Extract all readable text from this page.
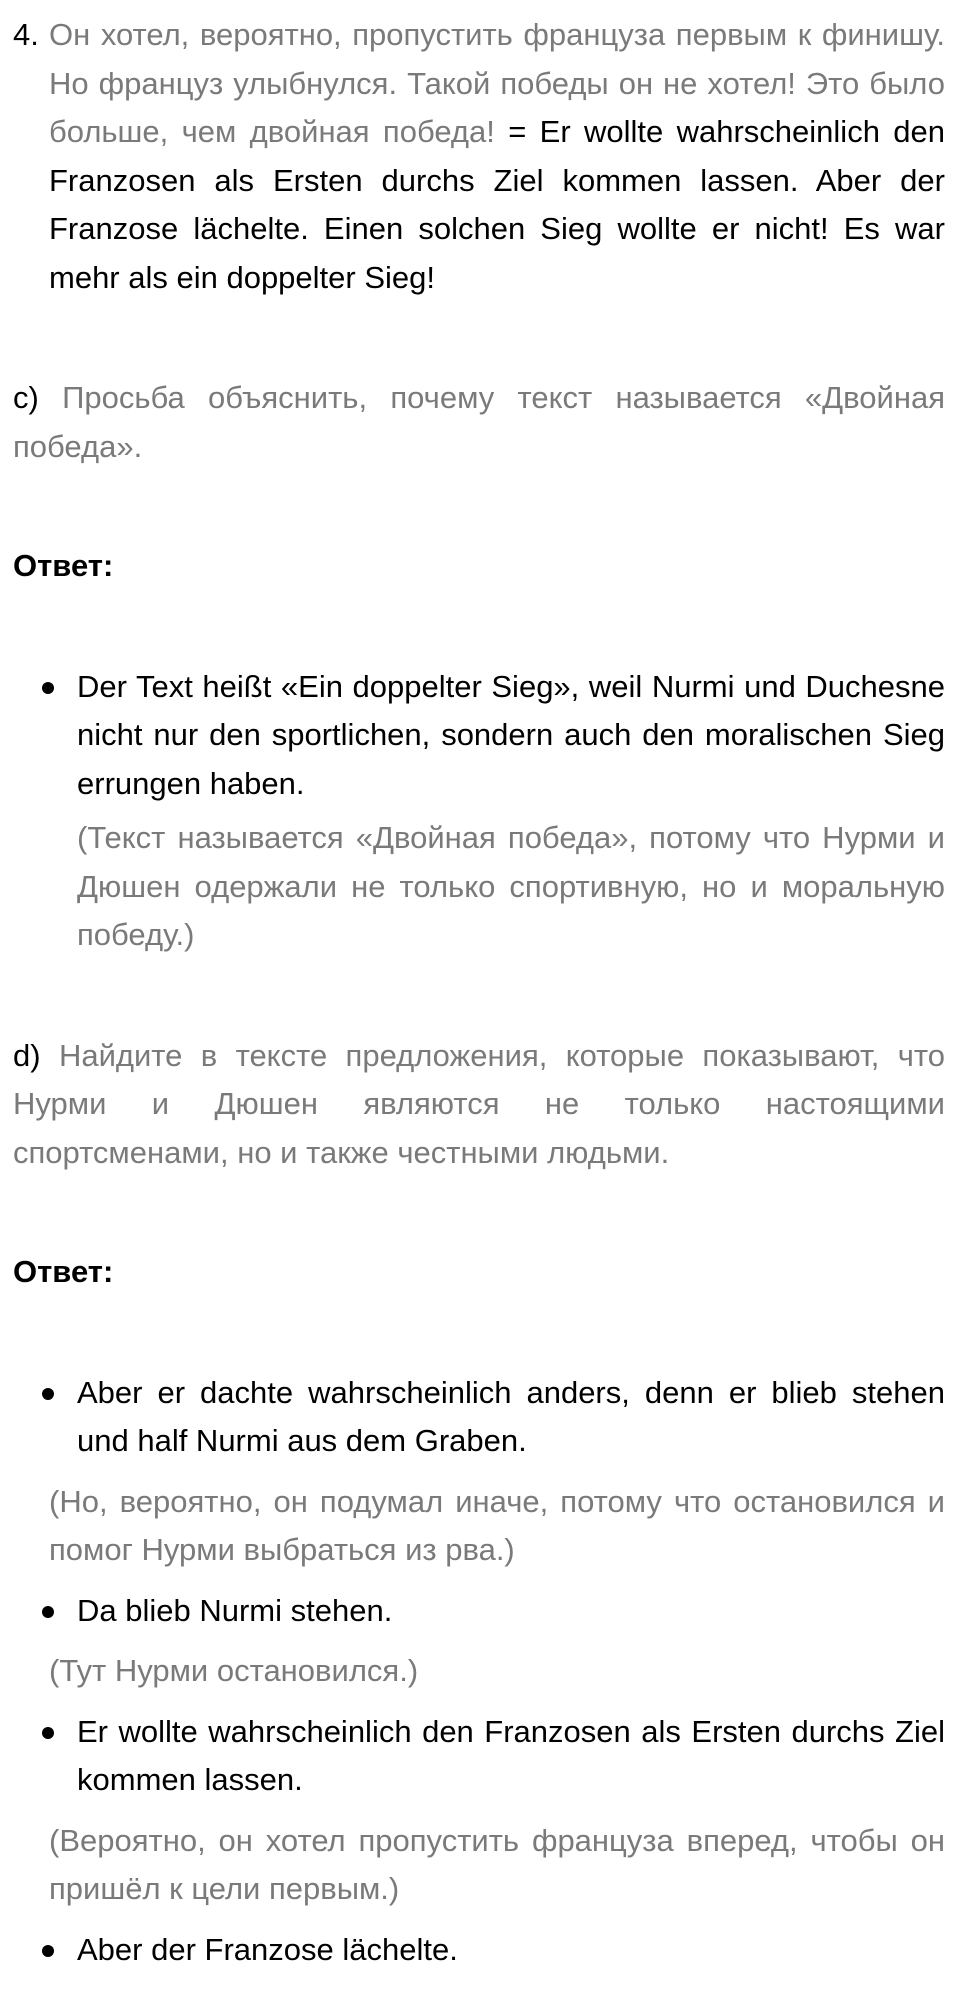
4. Он хотел, вероятно, пропустить француза первым к финишу. Но француз улыбнулся. Такой победы он не хотел! Это было больше, чем двойная победа! = Er wollte wahrscheinlich den Franzosen als Ersten durchs Ziel kommen lassen. Aber der Franzose lächelte. Einen solchen Sieg wollte er nicht! Es war mehr als ein doppelter Sieg!
c) Просьба объяснить, почему текст называется «Двойная победа».
Ответ:
Der Text heißt «Ein doppelter Sieg», weil Nurmi und Duchesne nicht nur den sportlichen, sondern auch den moralischen Sieg errungen haben.
(Текст называется «Двойная победа», потому что Нурми и Дюшен одержали не только спортивную, но и моральную победу.)
d) Найдите в тексте предложения, которые показывают, что Нурми и Дюшен являются не только настоящими спортсменами, но и также честными людьми.
Ответ:
Aber er dachte wahrscheinlich anders, denn er blieb stehen und half Nurmi aus dem Graben.
(Но, вероятно, он подумал иначе, потому что остановился и помог Нурми выбраться из рва.)
Da blieb Nurmi stehen.
(Тут Нурми остановился.)
Er wollte wahrscheinlich den Franzosen als Ersten durchs Ziel kommen lassen.
(Вероятно, он хотел пропустить француза вперед, чтобы он пришёл к цели первым.)
Aber der Franzose lächelte.
